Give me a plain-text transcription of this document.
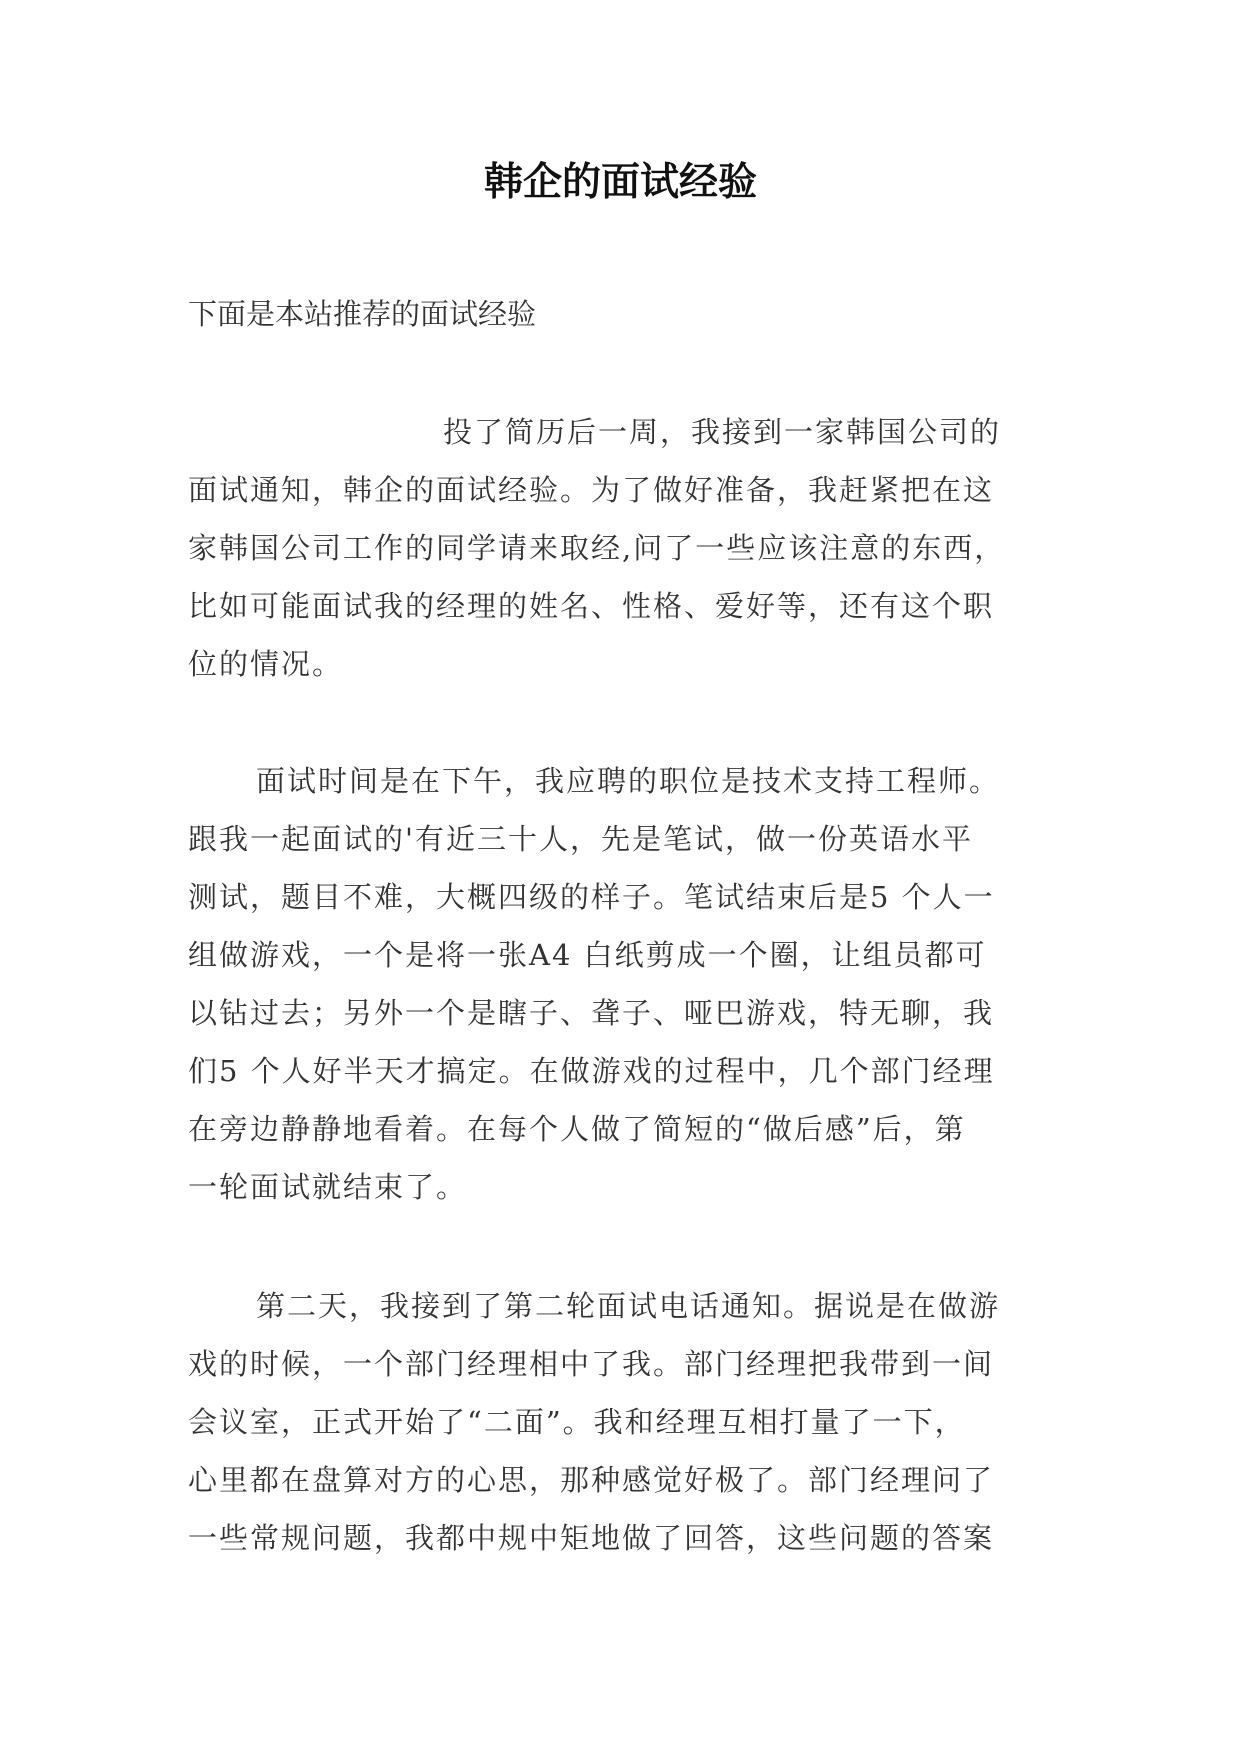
韩企的面试经验

下面是本站推荐的面试经验

投了简历后一周，我接到一家韩国公司的
面试通知，韩企的面试经验。为了做好准备，我赶紧把在这
家韩国公司工作的同学请来取经,问了一些应该注意的东西，
比如可能面试我的经理的姓名、性格、爱好等，还有这个职
位的情况。
面试时间是在下午，我应聘的职位是技术支持工程师。
跟我一起面试的'有近三十人，先是笔试，做一份英语水平
测试，题目不难，大概四级的样子。笔试结束后是5 个人一
组做游戏，一个是将一张A4 白纸剪成一个圈，让组员都可
以钻过去；另外一个是瞎子、聋子、哑巴游戏，特无聊，我
们5 个人好半天才搞定。在做游戏的过程中，几个部门经理
在旁边静静地看着。在每个人做了简短的“做后感”后，第
一轮面试就结束了。
第二天，我接到了第二轮面试电话通知。据说是在做游
戏的时候，一个部门经理相中了我。部门经理把我带到一间
会议室，正式开始了“二面”。我和经理互相打量了一下，
心里都在盘算对方的心思，那种感觉好极了。部门经理问了
一些常规问题，我都中规中矩地做了回答，这些问题的答案
